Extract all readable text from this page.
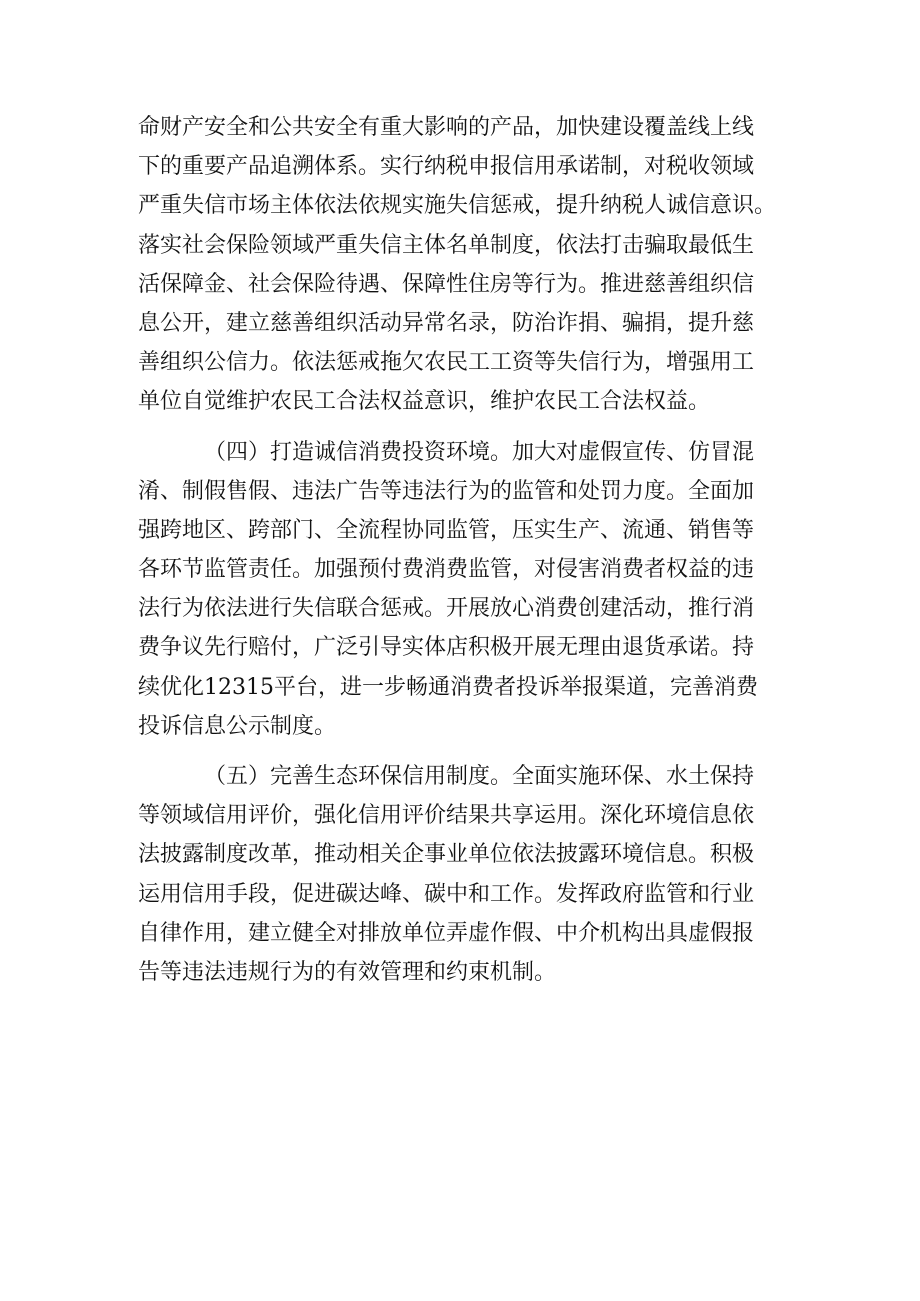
命财产安全和公共安全有重大影响的产品，加快建设覆盖线上线
下的重要产品追溯体系。实行纳税申报信用承诺制，对税收领域
严重失信市场主体依法依规实施失信惩戒，提升纳税人诚信意识。
落实社会保险领域严重失信主体名单制度，依法打击骗取最低生
活保障金、社会保险待遇、保障性住房等行为。推进慈善组织信
息公开，建立慈善组织活动异常名录，防治诈捐、骗捐，提升慈
善组织公信力。依法惩戒拖欠农民工工资等失信行为，增强用工
单位自觉维护农民工合法权益意识，维护农民工合法权益。
（四）打造诚信消费投资环境。加大对虚假宣传、仿冒混
淆、制假售假、违法广告等违法行为的监管和处罚力度。全面加
强跨地区、跨部门、全流程协同监管，压实生产、流通、销售等
各环节监管责任。加强预付费消费监管，对侵害消费者权益的违
法行为依法进行失信联合惩戒。开展放心消费创建活动，推行消
费争议先行赔付，广泛引导实体店积极开展无理由退货承诺。持
续优化12315平台，进一步畅通消费者投诉举报渠道，完善消费
投诉信息公示制度。
（五）完善生态环保信用制度。全面实施环保、水土保持
等领域信用评价，强化信用评价结果共享运用。深化环境信息依
法披露制度改革，推动相关企事业单位依法披露环境信息。积极
运用信用手段，促进碳达峰、碳中和工作。发挥政府监管和行业
自律作用，建立健全对排放单位弄虚作假、中介机构出具虚假报
告等违法违规行为的有效管理和约束机制。
